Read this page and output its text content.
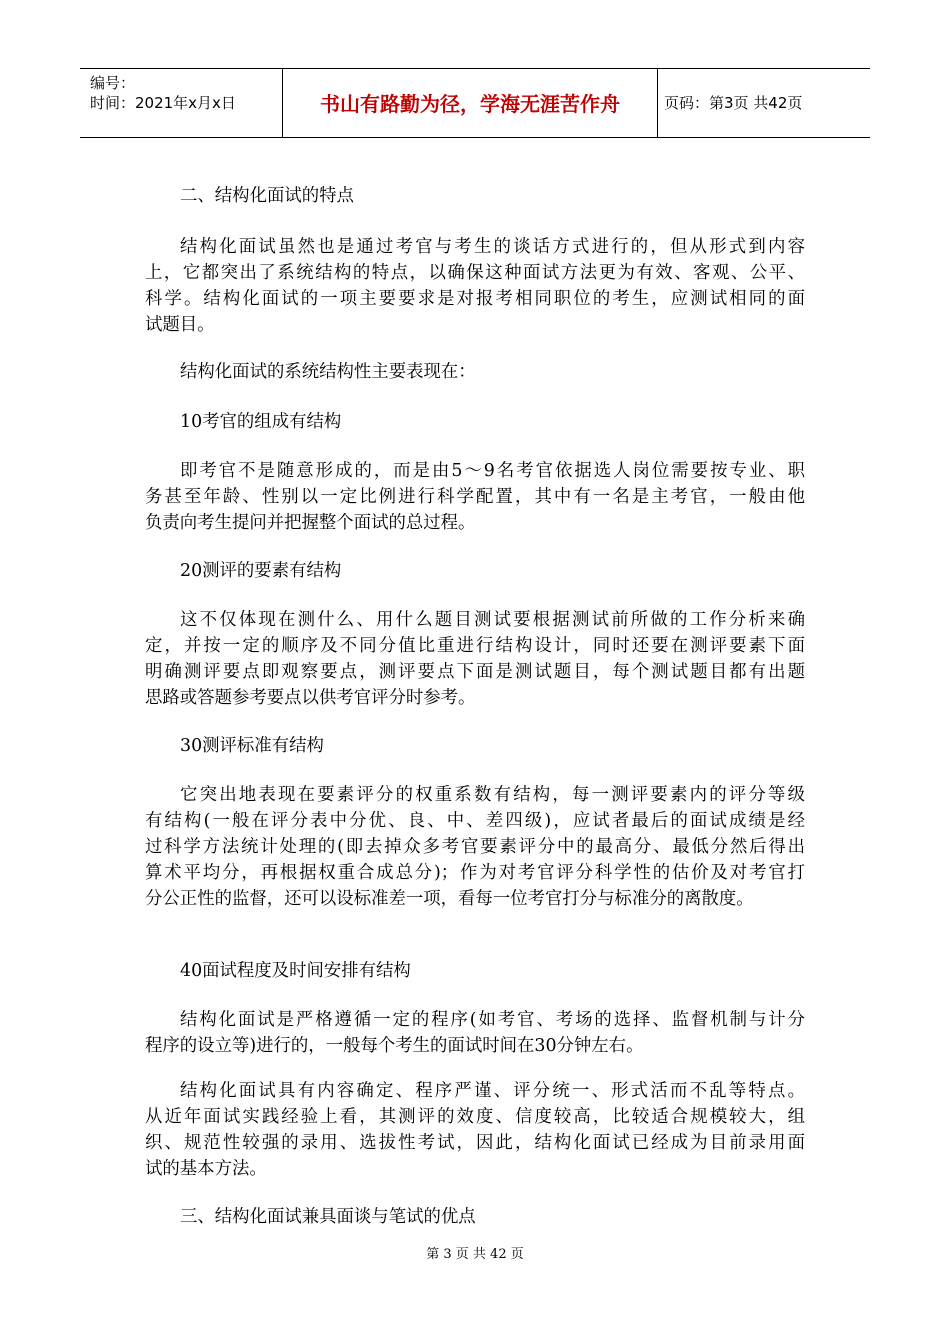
编号：
时间：2021年x月x日	书山有路勤为径，学海无涯苦作舟	页码：第3页 共42页
二、结构化面试的特点
结构化面试虽然也是通过考官与考生的谈话方式进行的，但从形式到内容
上，它都突出了系统结构的特点，以确保这种面试方法更为有效、客观、公平、
科学。结构化面试的一项主要要求是对报考相同职位的考生，应测试相同的面
试题目。
结构化面试的系统结构性主要表现在：
10考官的组成有结构
即考官不是随意形成的，而是由5～9名考官依据选人岗位需要按专业、职
务甚至年龄、性别以一定比例进行科学配置，其中有一名是主考官，一般由他
负责向考生提问并把握整个面试的总过程。
20测评的要素有结构
这不仅体现在测什么、用什么题目测试要根据测试前所做的工作分析来确
定，并按一定的顺序及不同分值比重进行结构设计，同时还要在测评要素下面
明确测评要点即观察要点，测评要点下面是测试题目，每个测试题目都有出题
思路或答题参考要点以供考官评分时参考。
30测评标准有结构
它突出地表现在要素评分的权重系数有结构，每一测评要素内的评分等级
有结构(一般在评分表中分优、良、中、差四级)，应试者最后的面试成绩是经
过科学方法统计处理的(即去掉众多考官要素评分中的最高分、最低分然后得出
算术平均分，再根据权重合成总分)；作为对考官评分科学性的估价及对考官打
分公正性的监督，还可以设标准差一项，看每一位考官打分与标准分的离散度。
40面试程度及时间安排有结构
结构化面试是严格遵循一定的程序(如考官、考场的选择、监督机制与计分
程序的设立等)进行的，一般每个考生的面试时间在30分钟左右。
结构化面试具有内容确定、程序严谨、评分统一、形式活而不乱等特点。
从近年面试实践经验上看，其测评的效度、信度较高，比较适合规模较大，组
织、规范性较强的录用、选拔性考试，因此，结构化面试已经成为目前录用面
试的基本方法。
三、结构化面试兼具面谈与笔试的优点
第 3 页 共 42 页
